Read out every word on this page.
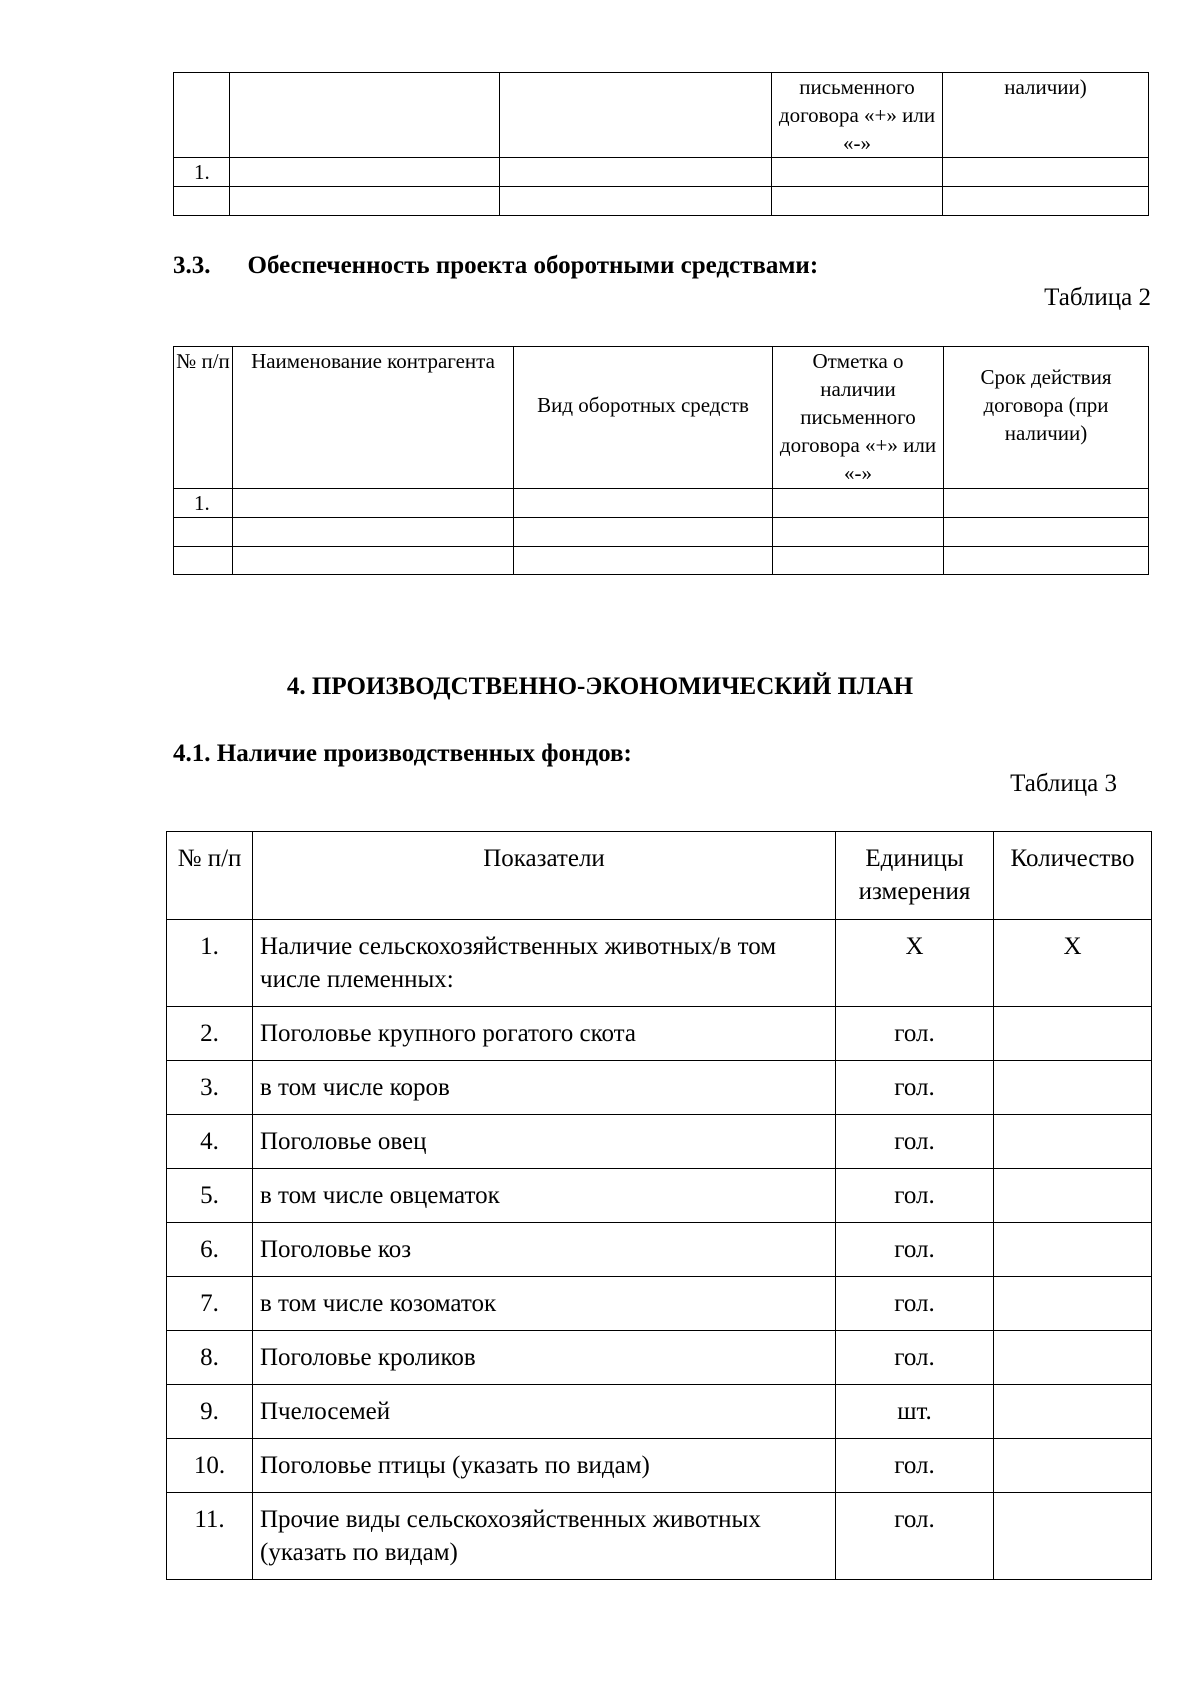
			письменного договора «+» или «-»	наличии)
1.				

3.3. Обеспеченность проекта оборотными средствами:
Таблица 2
№ п/п	Наименование контрагента	Вид оборотных средств	Отметка о наличии письменного договора «+» или «-»	Срок действия договора (при наличии)
1.				

4. ПРОИЗВОДСТВЕННО-ЭКОНОМИЧЕСКИЙ ПЛАН
4.1. Наличие производственных фондов:
Таблица 3
№ п/п	Показатели	Единицы измерения	Количество
1.	Наличие сельскохозяйственных животных/в том числе племенных:	Х	Х
2.	Поголовье крупного рогатого скота	гол.	
3.	в том числе коров	гол.	
4.	Поголовье овец	гол.	
5.	в том числе овцематок	гол.	
6.	Поголовье коз	гол.	
7.	в том числе козоматок	гол.	
8.	Поголовье кроликов	гол.	
9.	Пчелосемей	шт.	
10.	Поголовье птицы (указать по видам)	гол.	
11.	Прочие виды сельскохозяйственных животных (указать по видам)	гол.	
